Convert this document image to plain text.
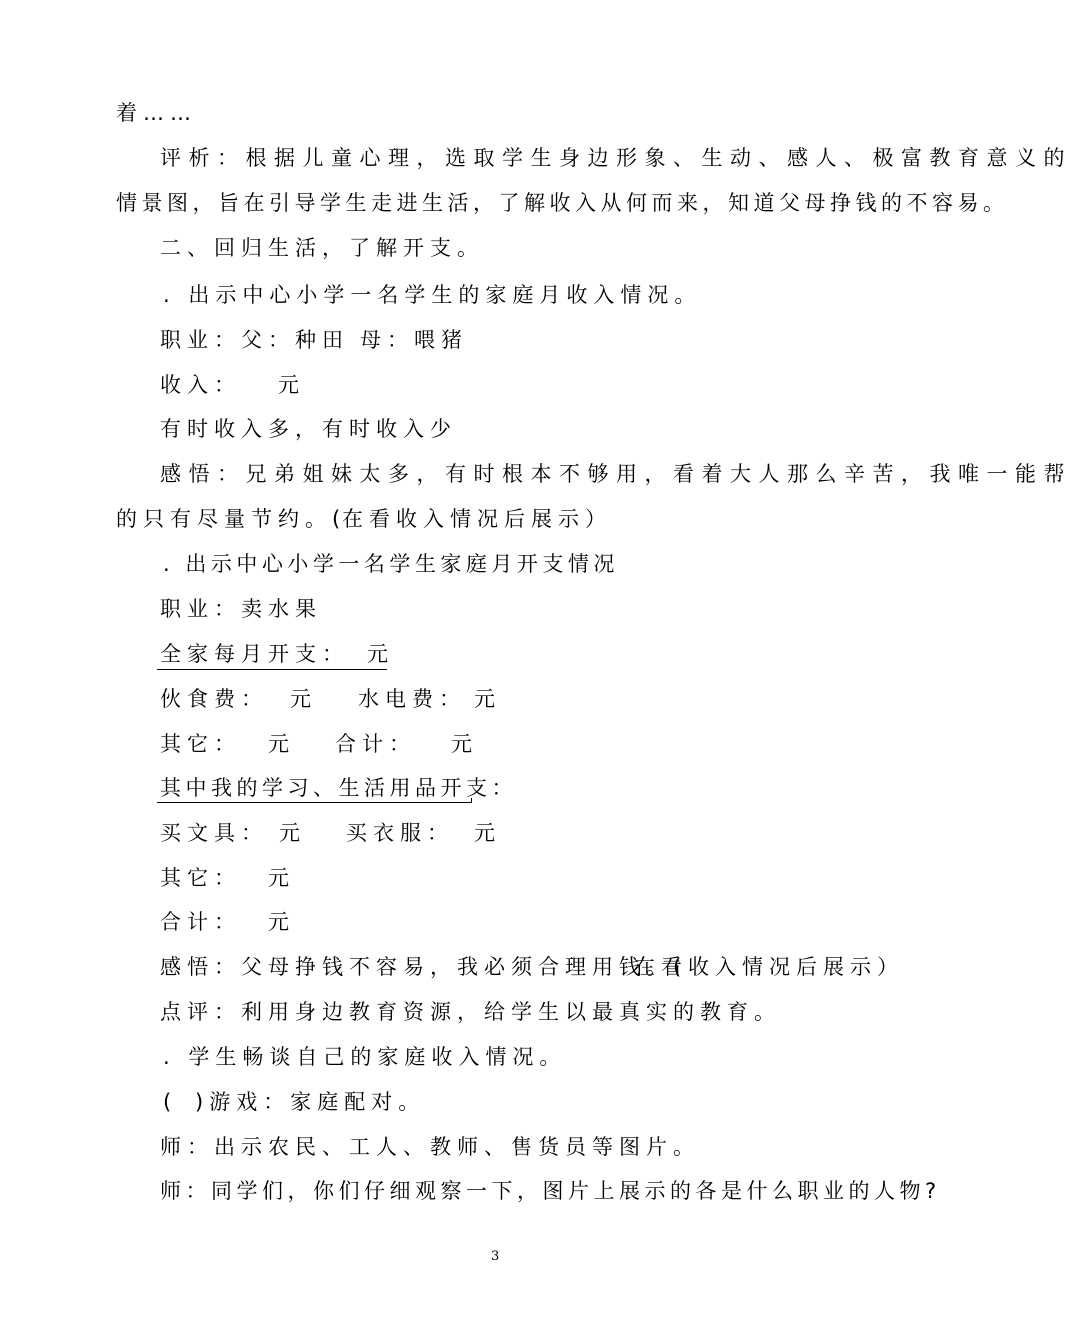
着……
评析：根据儿童心理，选取学生身边形象、生动、感人、极富教育意义的
情景图，旨在引导学生走进生活，了解收入从何而来，知道父母挣钱的不容易。
二、回归生活，了解开支。
. 出示中心小学一名学生的家庭月收入情况。
职业：父：种田 母：喂猪
收入： 元
有时收入多，有时收入少
感悟：兄弟姐妹太多，有时根本不够用，看着大人那么辛苦，我唯一能帮
的只有尽量节约。(
在看收入情况后展示）
. 出示中心小学一名学生家庭月开支情况
职业：卖水果
全家每月开支： 元
伙食费： 元 水电费： 元
其它： 元 合计： 元
其中我的学习、生活用品开支：
买文具： 元 买衣服： 元
其它： 元
合计： 元
感悟：父母挣钱不容易，我必须合理用钱。(
在看收入情况后展示）
点评：利用身边教育资源，给学生以最真实的教育。
. 学生畅谈自己的家庭收入情况。
( )游戏：家庭配对。
师：出示农民、工人、教师、售货员等图片。
师：同学们，你们仔细观察一下，图片上展示的各是什么职业的人物?
3
